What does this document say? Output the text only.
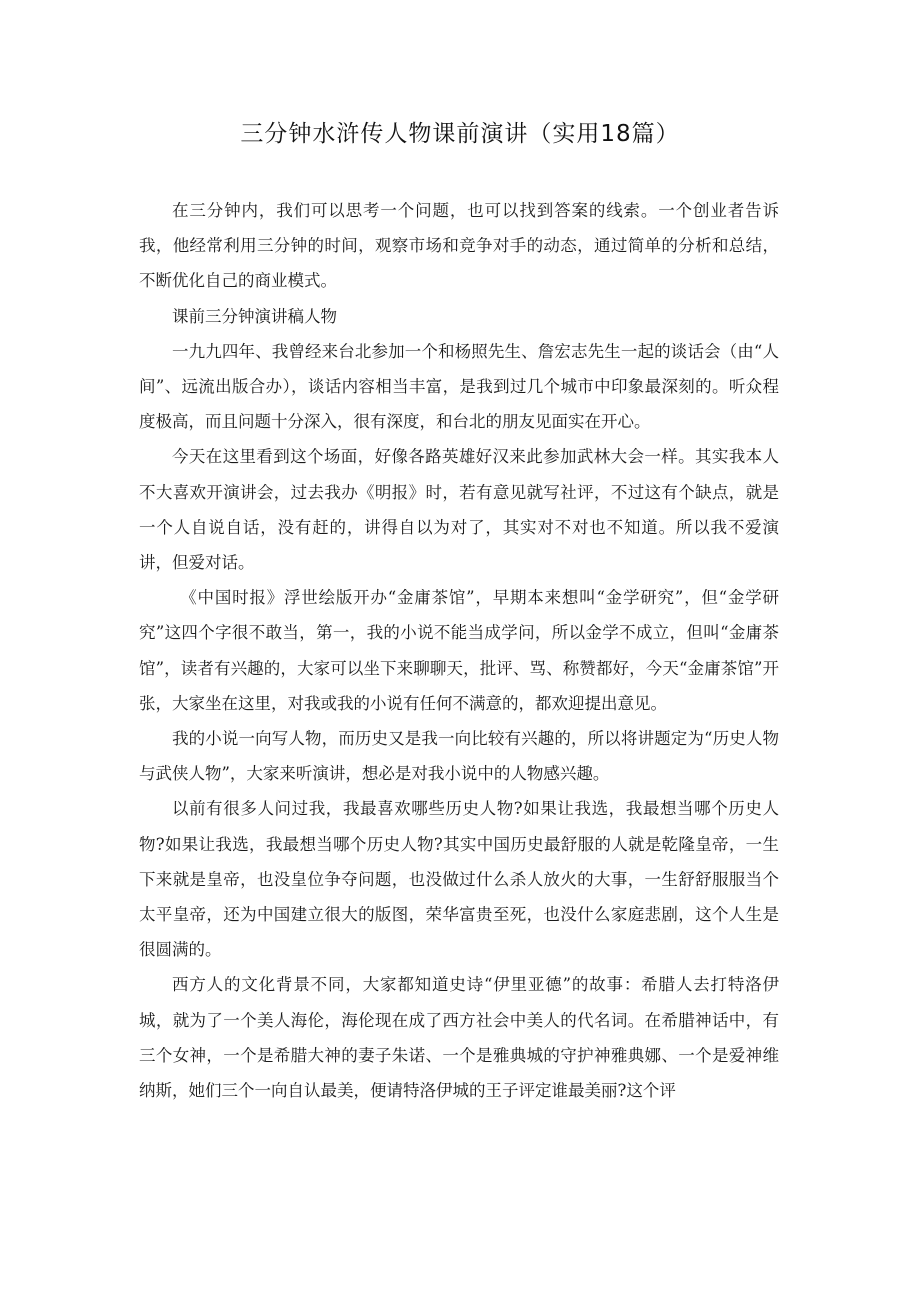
三分钟水浒传人物课前演讲（实用18篇）

在三分钟内，我们可以思考一个问题，也可以找到答案的线索。一个创业者告诉我，他经常利用三分钟的时间，观察市场和竞争对手的动态，通过简单的分析和总结，不断优化自己的商业模式。

课前三分钟演讲稿人物

一九九四年、我曾经来台北参加一个和杨照先生、詹宏志先生一起的谈话会（由“人间”、远流出版合办），谈话内容相当丰富，是我到过几个城市中印象最深刻的。听众程度极高，而且问题十分深入，很有深度，和台北的朋友见面实在开心。

今天在这里看到这个场面，好像各路英雄好汉来此参加武林大会一样。其实我本人不大喜欢开演讲会，过去我办《明报》时，若有意见就写社评，不过这有个缺点，就是一个人自说自话，没有赶的，讲得自以为对了，其实对不对也不知道。所以我不爱演讲，但爱对话。

《中国时报》浮世绘版开办“金庸茶馆”，早期本来想叫“金学研究”，但“金学研究”这四个字很不敢当，第一，我的小说不能当成学问，所以金学不成立，但叫“金庸茶馆”，读者有兴趣的，大家可以坐下来聊聊天，批评、骂、称赞都好，今天“金庸茶馆”开张，大家坐在这里，对我或我的小说有任何不满意的，都欢迎提出意见。

我的小说一向写人物，而历史又是我一向比较有兴趣的，所以将讲题定为“历史人物与武侠人物”，大家来听演讲，想必是对我小说中的人物感兴趣。

以前有很多人问过我，我最喜欢哪些历史人物?如果让我选，我最想当哪个历史人物?如果让我选，我最想当哪个历史人物?其实中国历史最舒服的人就是乾隆皇帝，一生下来就是皇帝，也没皇位争夺问题，也没做过什么杀人放火的大事，一生舒舒服服当个太平皇帝，还为中国建立很大的版图，荣华富贵至死，也没什么家庭悲剧，这个人生是很圆满的。

西方人的文化背景不同，大家都知道史诗“伊里亚德”的故事：希腊人去打特洛伊城，就为了一个美人海伦，海伦现在成了西方社会中美人的代名词。在希腊神话中，有三个女神，一个是希腊大神的妻子朱诺、一个是雅典城的守护神雅典娜、一个是爱神维纳斯，她们三个一向自认最美，便请特洛伊城的王子评定谁最美丽?这个评
